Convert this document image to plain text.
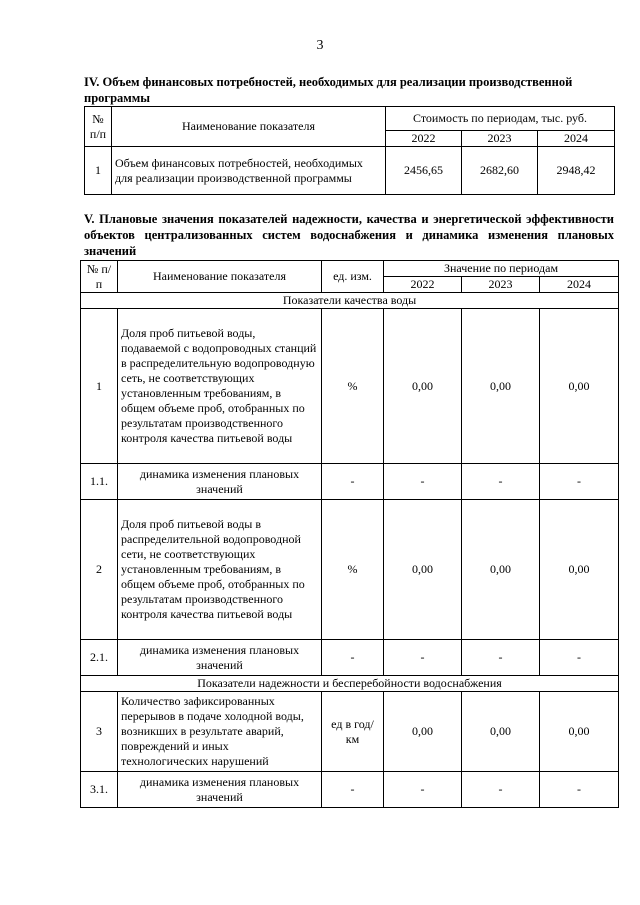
3
IV. Объем финансовых потребностей, необходимых для реализации производственной программы
№ п/п	Наименование показателя	Стоимость по периодам, тыс. руб.		
		2022	2023	2024
1	Объем финансовых потребностей, необходимых для реализации производственной программы	2456,65	2682,60	2948,42
V. Плановые значения показателей надежности, качества и энергетической эффективности объектов централизованных систем водоснабжения и динамика изменения плановых значений
№ п/п	Наименование показателя	ед. изм.	Значение по периодам		
			2022	2023	2024
Показатели качества воды					
1	Доля проб питьевой воды, подаваемой с водопроводных станций в распределительную водопроводную сеть, не соответствующих установленным требованиям, в общем объеме проб, отобранных по результатам производственного контроля качества питьевой воды	%	0,00	0,00	0,00
1.1.	динамика изменения плановых значений	-	-	-	-
2	Доля проб питьевой воды в распределительной водопроводной сети, не соответствующих установленным требованиям, в общем объеме проб, отобранных по результатам производственного контроля качества питьевой воды	%	0,00	0,00	0,00
2.1.	динамика изменения плановых значений	-	-	-	-
Показатели надежности и бесперебойности водоснабжения					
3	Количество зафиксированных перерывов в подаче холодной воды, возникших в результате аварий, повреждений и иных технологических нарушений	ед в год/ км	0,00	0,00	0,00
3.1.	динамика изменения плановых значений	-	-	-	-
